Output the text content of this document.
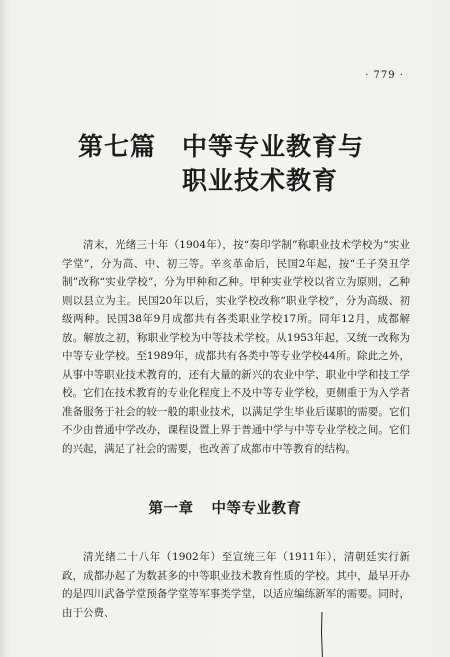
· 779 ·
第七篇 中等专业教育与
职业技术教育

清末，光绪三十年（1904年），按“奏印学制”称职业技术学校为“实业学堂”，分为高、中、初三等。辛亥革命后，民国2年起，按“壬子癸丑学制”改称“实业学校”，分为甲种和乙种。甲种实业学校以省立为原则，乙种则以县立为主。民国20年以后，实业学校改称“职业学校”，分为高级、初级两种。民国38年9月成都共有各类职业学校17所。同年12月，成都解放。解放之初，称职业学校为中等技术学校。从1953年起，又统一改称为中等专业学校。至1989年，成都共有各类中等专业学校44所。除此之外，从事中等职业技术教育的，还有大量的新兴的农业中学、职业中学和技工学校。它们在技术教育的专业化程度上不及中等专业学校，更侧重于为入学者准备服务于社会的较一般的职业技术，以满足学生毕业后谋职的需要。它们不少由普通中学改办，课程设置上界于普通中学与中等专业学校之间。它们的兴起，满足了社会的需要，也改善了成都市中等教育的结构。

第一章 中等专业教育

清光绪二十八年（1902年）至宣统三年（1911年），清朝廷实行新政，成都办起了为数甚多的中等职业技术教育性质的学校。其中，最早开办的是四川武备学堂预备学堂等军事类学堂，以适应编练新军的需要。同时，由于公费、
